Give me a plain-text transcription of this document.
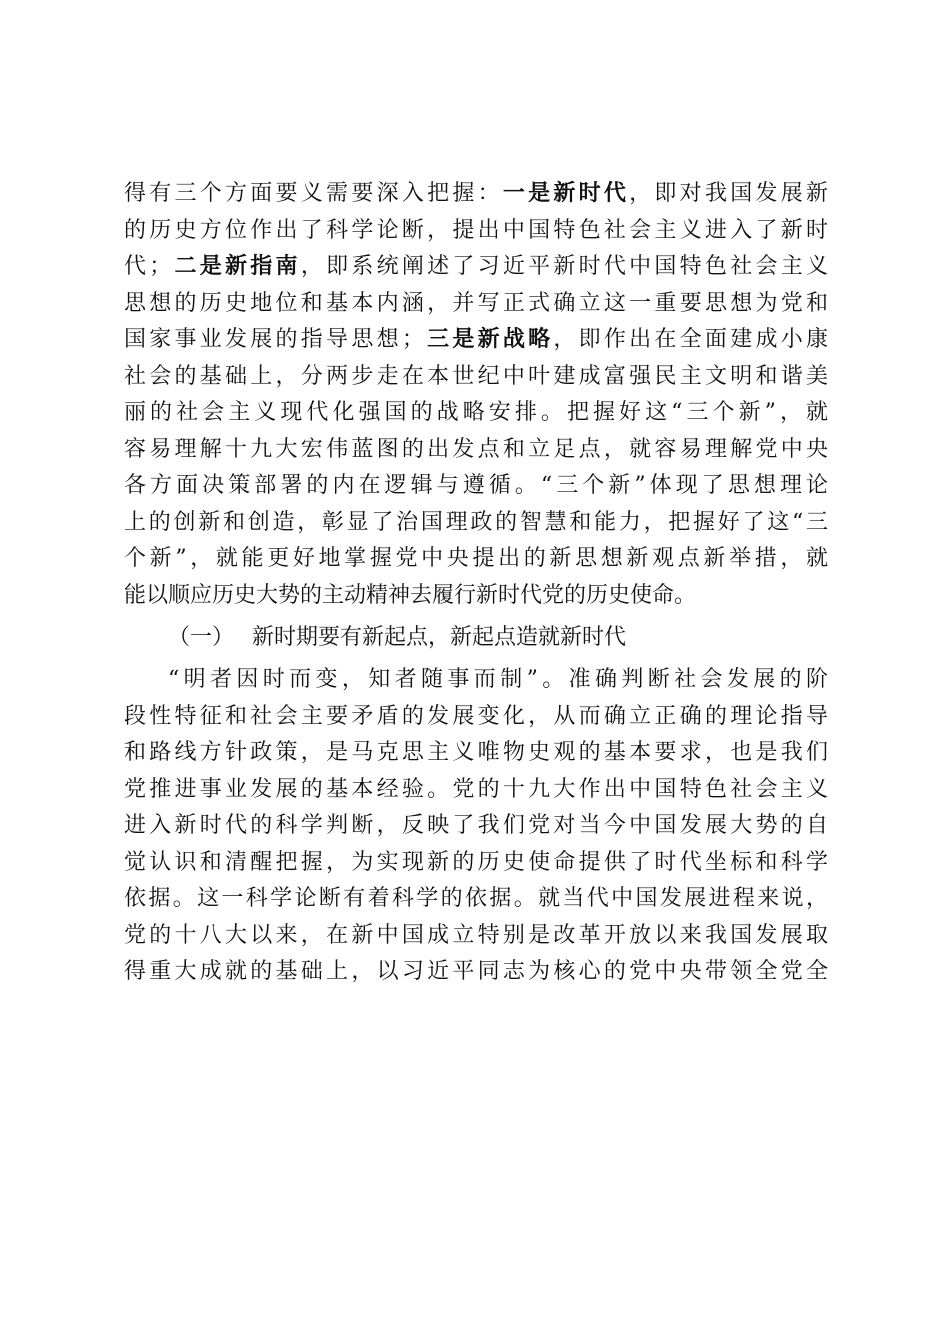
得有三个方面要义需要深入把握：一是新时代，即对我国发展新
的历史方位作出了科学论断，提出中国特色社会主义进入了新时
代；二是新指南，即系统阐述了习近平新时代中国特色社会主义
思想的历史地位和基本内涵，并写正式确立这一重要思想为党和
国家事业发展的指导思想；三是新战略，即作出在全面建成小康
社会的基础上，分两步走在本世纪中叶建成富强民主文明和谐美
丽的社会主义现代化强国的战略安排。把握好这“三个新”，就
容易理解十九大宏伟蓝图的出发点和立足点，就容易理解党中央
各方面决策部署的内在逻辑与遵循。“三个新”体现了思想理论
上的创新和创造，彰显了治国理政的智慧和能力，把握好了这“三
个新”，就能更好地掌握党中央提出的新思想新观点新举措，就
能以顺应历史大势的主动精神去履行新时代党的历史使命。
（一） 新时期要有新起点，新起点造就新时代
“明者因时而变，知者随事而制”。准确判断社会发展的阶
段性特征和社会主要矛盾的发展变化，从而确立正确的理论指导
和路线方针政策，是马克思主义唯物史观的基本要求，也是我们
党推进事业发展的基本经验。党的十九大作出中国特色社会主义
进入新时代的科学判断，反映了我们党对当今中国发展大势的自
觉认识和清醒把握，为实现新的历史使命提供了时代坐标和科学
依据。这一科学论断有着科学的依据。就当代中国发展进程来说，
党的十八大以来，在新中国成立特别是改革开放以来我国发展取
得重大成就的基础上，以习近平同志为核心的党中央带领全党全
